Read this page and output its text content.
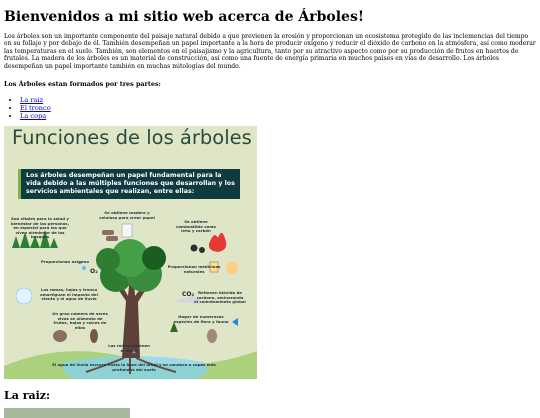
Bienvenidos a mi sitio web acerca de Árboles!

Los árboles son un importante componente del paisaje natural debido a que previenen la erosión y proporcionan un ecosistema protegido de las inclemencias del tiempo en su follaje y por debajo de él. También desempeñan un papel importante a la hora de producir oxígeno y reducir el dióxido de carbono en la atmósfera, así como moderar las temperaturas en el suelo. También, son elementos en el paisajismo y la agricultura, tanto por su atractivo aspecto como por su producción de frutos en huertos de frutales. La madera de los árboles es un material de construcción, así como una fuente de energía primaria en muchos países en vías de desarrollo. Los árboles desempeñan un papel importante también en muchas mitologías del mundo.

Los Árboles estan formados por tres partes:

• La raiz
• El tronco
• La copa
Funciones de los árboles
Los árboles desempeñan un papel fundamental para la vida debido a las múltiples funciones que desarrollan y los servicios ambientales que realizan, entre ellas:
Son vitales para la salud y bienestar de las personas, en especial para las que viven alrededor de los bosques
Se obtiene madera y celulosa para crear papel
Se obtiene combustible como leña y carbón
Proporcionan oxígeno
Proporcionan medicinas naturales
Las ramas, hojas y tronco amortiguan el impacto del viento y el agua de lluvia
Retienen bióxido de carbono, aminorando el calentamiento global
Un gran número de seres vivos se alimenta de frutos, hojas y raíces de ellos
Hogar de numerosas especies de flora y fauna
Las raíces retienen el suelo
El agua de lluvia escurre hasta la base del árbol y se conduce a capas más profundas del suelo
O₂
CO₂
La raiz:
